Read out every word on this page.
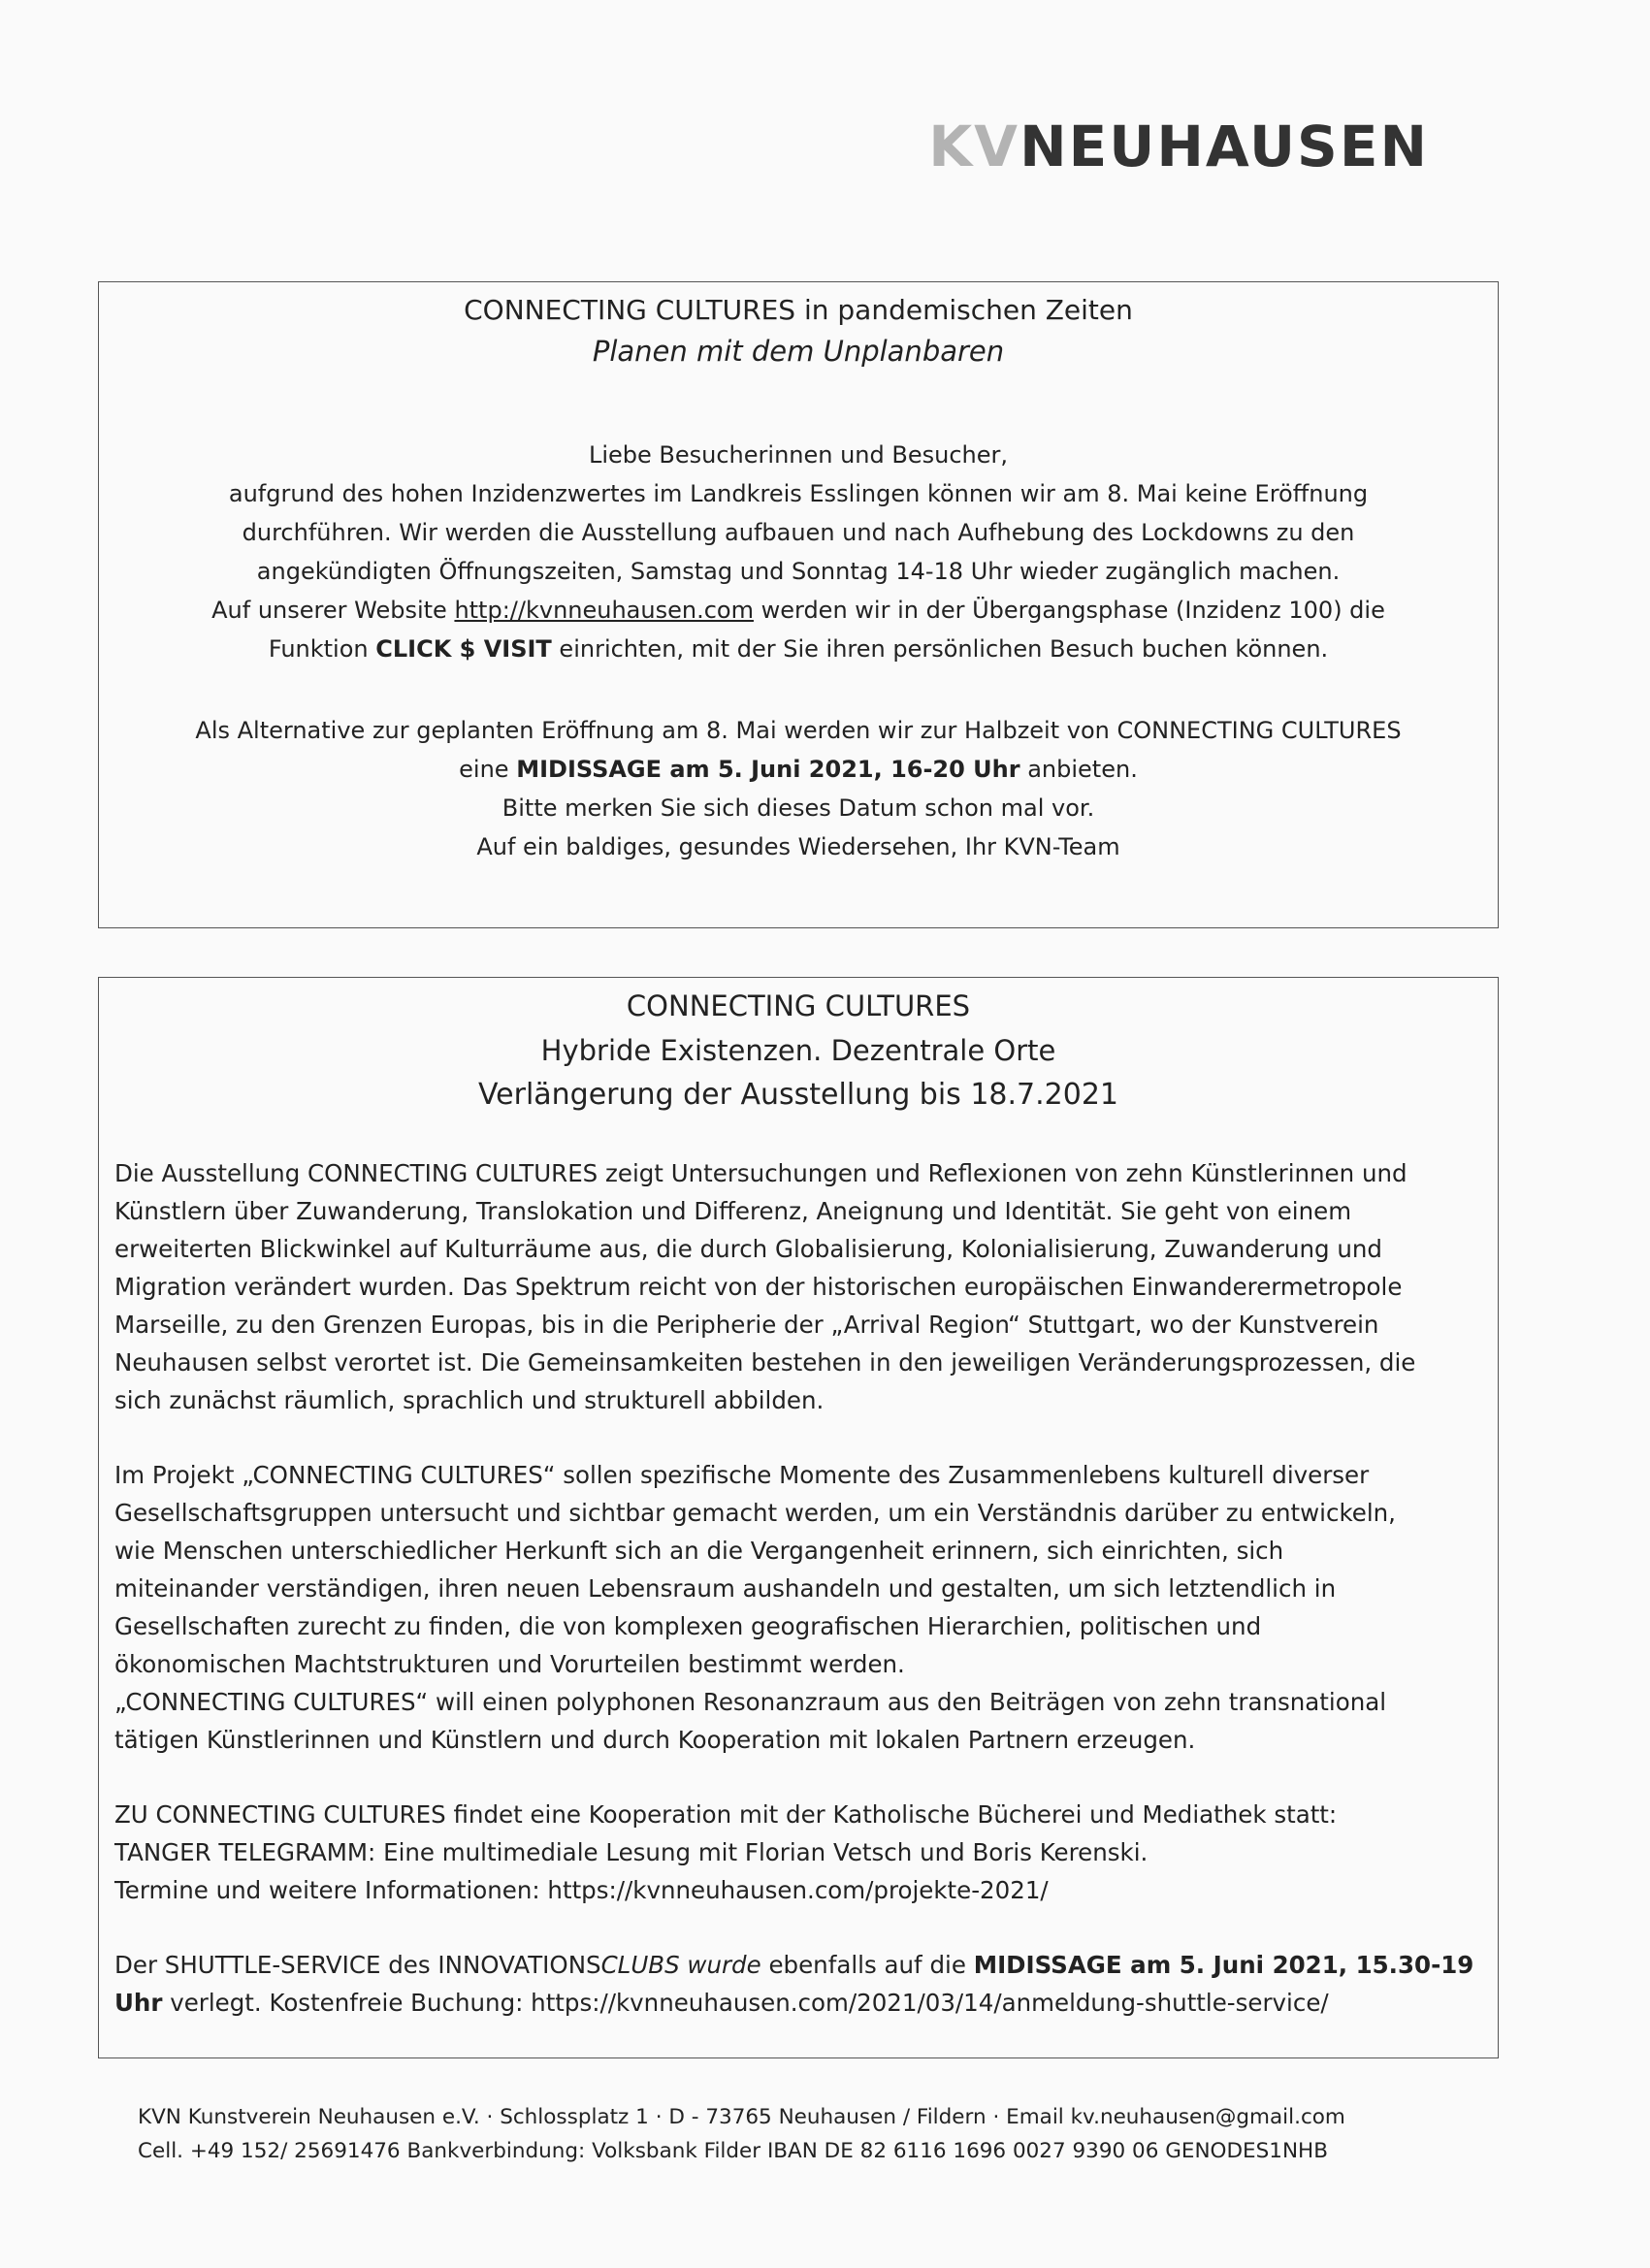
KVNEUHAUSEN
CONNECTING CULTURES in pandemischen Zeiten
Planen mit dem Unplanbaren

Liebe Besucherinnen und Besucher,

aufgrund des hohen Inzidenzwertes im Landkreis Esslingen können wir am 8. Mai keine Eröffnung

durchführen. Wir werden die Ausstellung aufbauen und nach Aufhebung des Lockdowns zu den

angekündigten Öffnungszeiten, Samstag und Sonntag 14-18 Uhr wieder zugänglich machen.

Auf unserer Website http://kvnneuhausen.com werden wir in der Übergangsphase (Inzidenz 100) die

Funktion CLICK $ VISIT einrichten, mit der Sie ihren persönlichen Besuch buchen können.

Als Alternative zur geplanten Eröffnung am 8. Mai werden wir zur Halbzeit von CONNECTING CULTURES

eine MIDISSAGE am 5. Juni 2021, 16-20 Uhr anbieten.

Bitte merken Sie sich dieses Datum schon mal vor.

Auf ein baldiges, gesundes Wiedersehen, Ihr KVN-Team

CONNECTING CULTURES
Hybride Existenzen. Dezentrale Orte
Verlängerung der Ausstellung bis 18.7.2021

Die Ausstellung CONNECTING CULTURES zeigt Untersuchungen und Reflexionen von zehn Künstlerinnen und

Künstlern über Zuwanderung, Translokation und Differenz, Aneignung und Identität. Sie geht von einem

erweiterten Blickwinkel auf Kulturräume aus, die durch Globalisierung, Kolonialisierung, Zuwanderung und

Migration verändert wurden. Das Spektrum reicht von der historischen europäischen Einwanderermetropole

Marseille, zu den Grenzen Europas, bis in die Peripherie der „Arrival Region“ Stuttgart, wo der Kunstverein

Neuhausen selbst verortet ist. Die Gemeinsamkeiten bestehen in den jeweiligen Veränderungsprozessen, die

sich zunächst räumlich, sprachlich und strukturell abbilden.

Im Projekt „CONNECTING CULTURES“ sollen spezifische Momente des Zusammenlebens kulturell diverser

Gesellschaftsgruppen untersucht und sichtbar gemacht werden, um ein Verständnis darüber zu entwickeln,

wie Menschen unterschiedlicher Herkunft sich an die Vergangenheit erinnern, sich einrichten, sich

miteinander verständigen, ihren neuen Lebensraum aushandeln und gestalten, um sich letztendlich in

Gesellschaften zurecht zu finden, die von komplexen geografischen Hierarchien, politischen und

ökonomischen Machtstrukturen und Vorurteilen bestimmt werden.

„CONNECTING CULTURES“ will einen polyphonen Resonanzraum aus den Beiträgen von zehn transnational

tätigen Künstlerinnen und Künstlern und durch Kooperation mit lokalen Partnern erzeugen.

ZU CONNECTING CULTURES findet eine Kooperation mit der Katholische Bücherei und Mediathek statt:

TANGER TELEGRAMM: Eine multimediale Lesung mit Florian Vetsch und Boris Kerenski.

Termine und weitere Informationen: https://kvnneuhausen.com/projekte-2021/

Der SHUTTLE-SERVICE des INNOVATIONSCLUBS wurde ebenfalls auf die MIDISSAGE am 5. Juni 2021, 15.30-19

Uhr verlegt. Kostenfreie Buchung: https://kvnneuhausen.com/2021/03/14/anmeldung-shuttle-service/

KVN Kunstverein Neuhausen e.V. · Schlossplatz 1 · D - 73765 Neuhausen / Fildern · Email kv.neuhausen@gmail.com
Cell. +49 152/ 25691476 Bankverbindung: Volksbank Filder IBAN DE 82 6116 1696 0027 9390 06 GENODES1NHB
